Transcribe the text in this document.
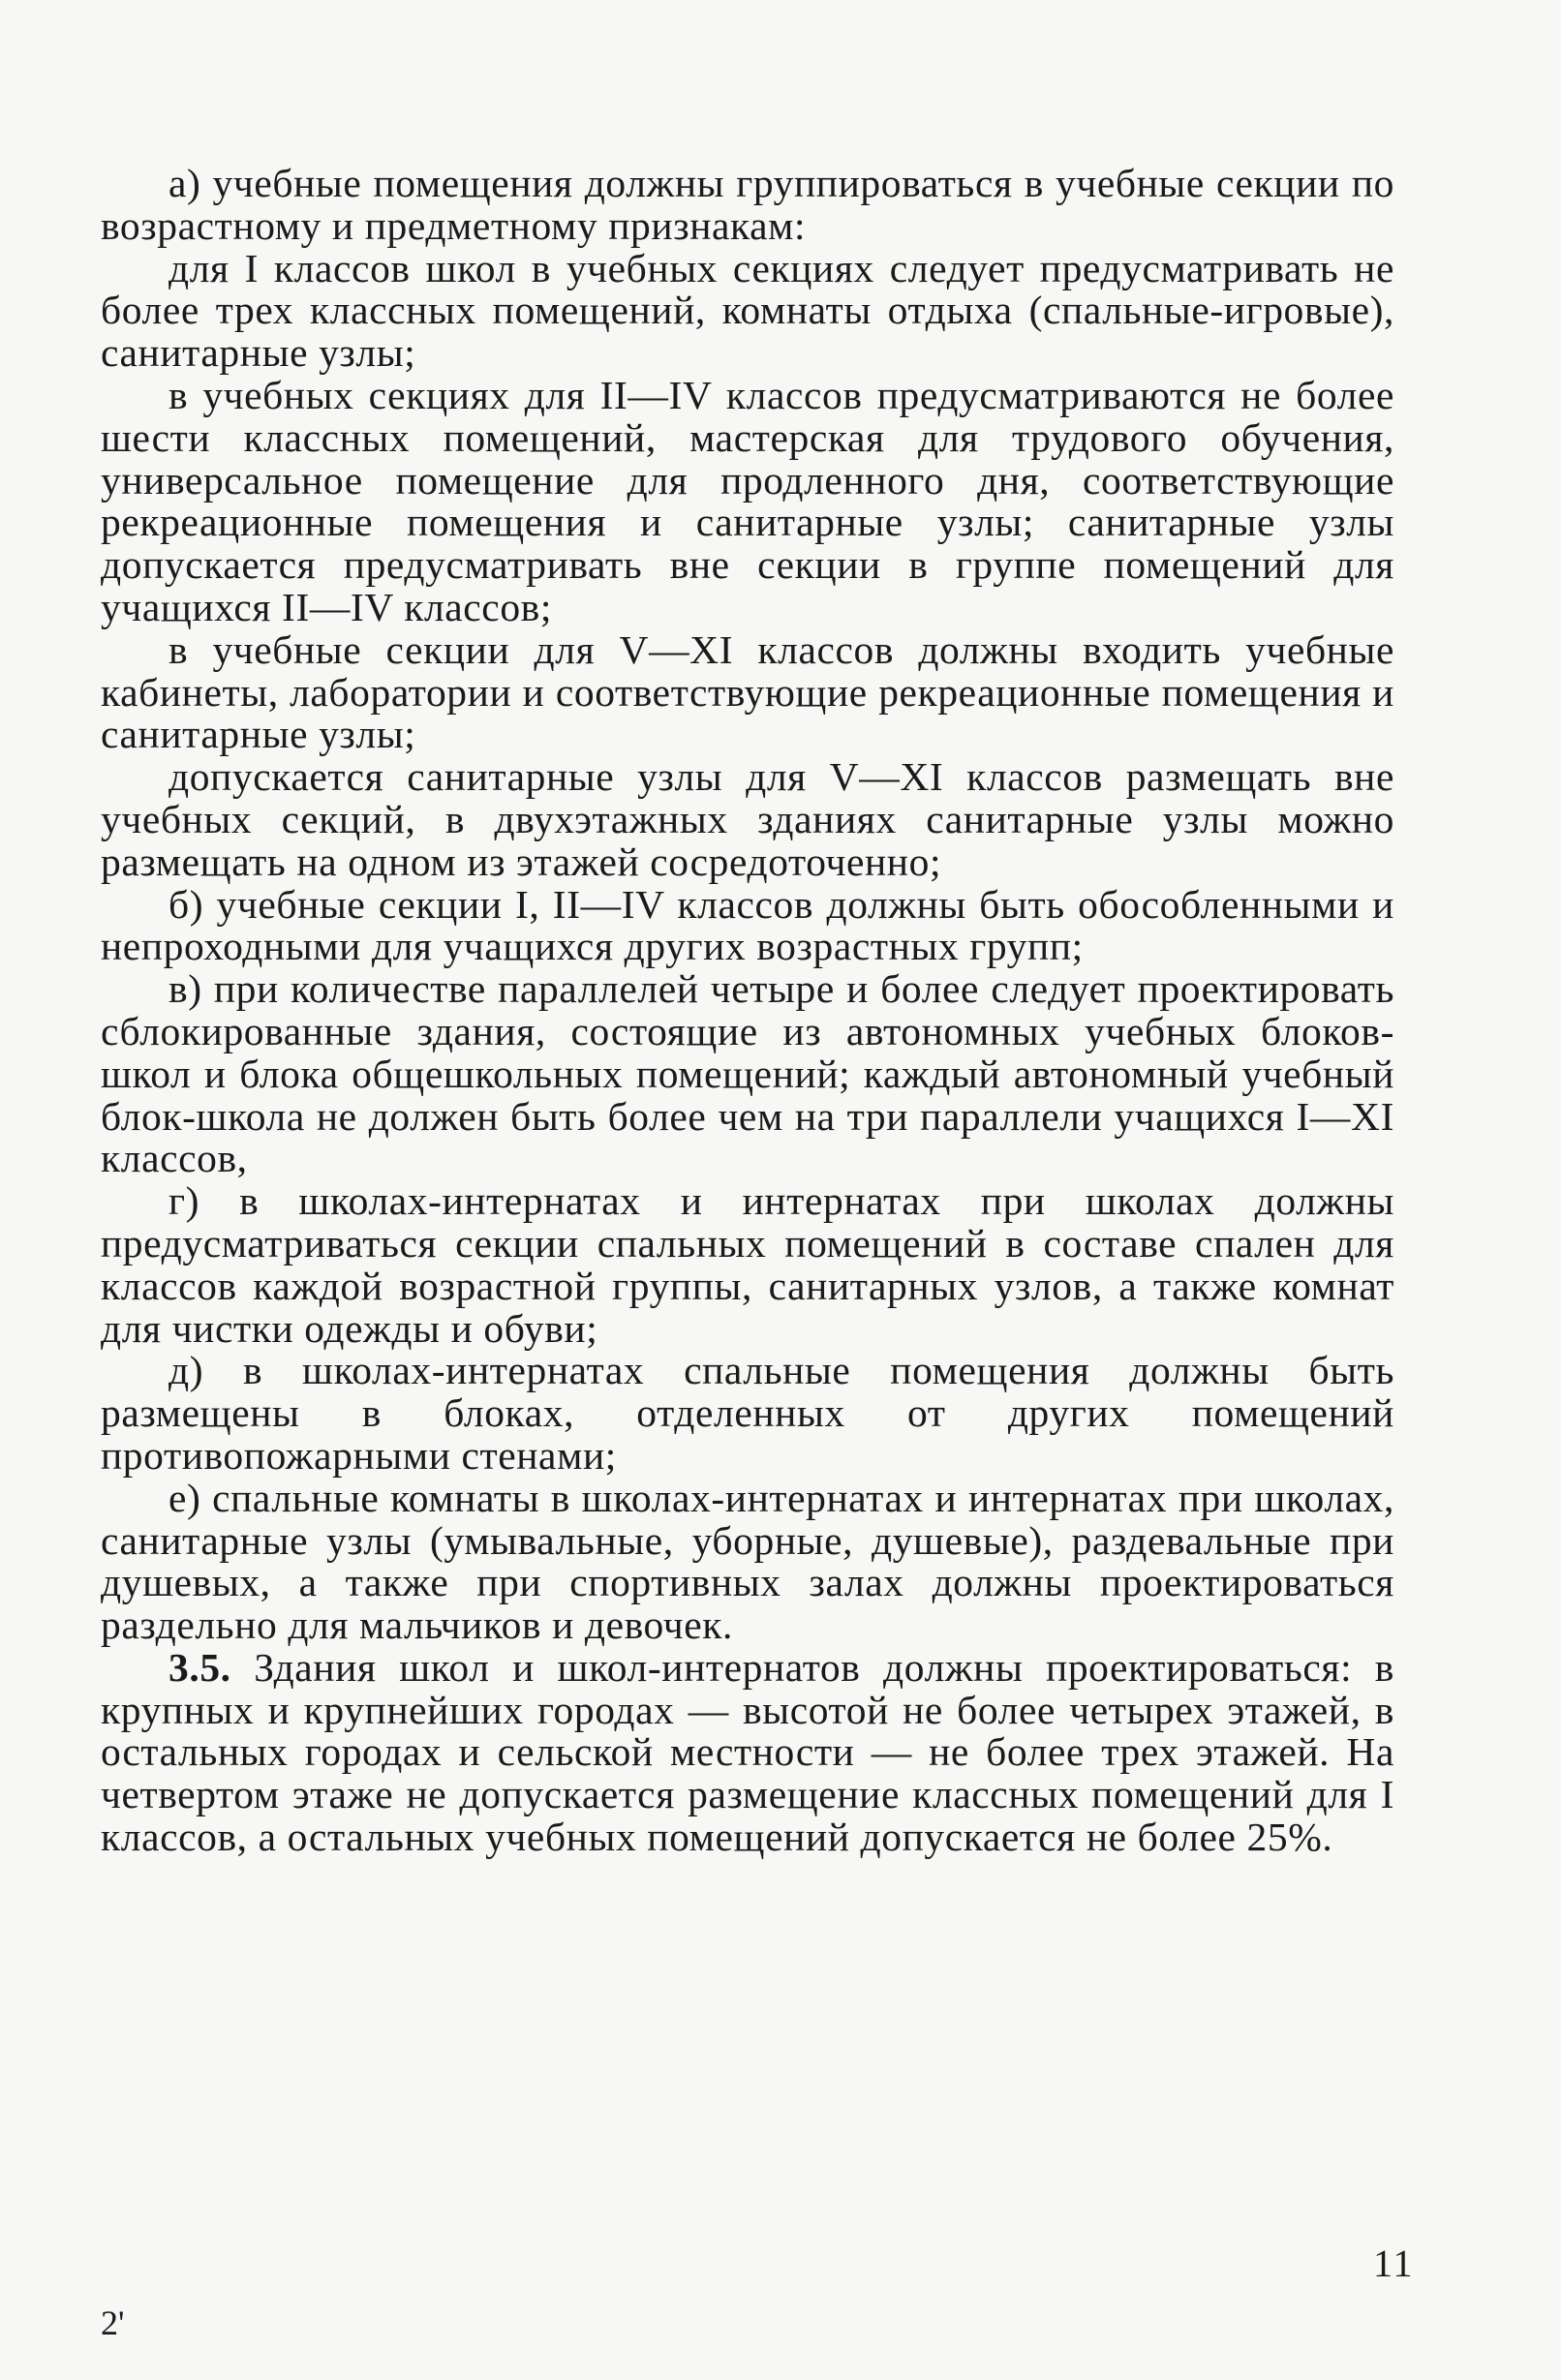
а) учебные помещения должны группироваться в учебные секции по возрастному и предметному признакам:

для I классов школ в учебных секциях следует предусматривать не более трех классных помещений, комнаты отдыха (спальные-игровые), санитарные узлы;

в учебных секциях для II—IV классов предусматриваются не более шести классных помещений, мастерская для трудового обучения, универсальное помещение для продленного дня, соответствующие рекреационные помещения и санитарные узлы; санитарные узлы допускается предусматривать вне секции в группе помещений для учащихся II—IV классов;

в учебные секции для V—XI классов должны входить учебные кабинеты, лаборатории и соответствующие рекреационные помещения и санитарные узлы;

допускается санитарные узлы для V—XI классов размещать вне учебных секций, в двухэтажных зданиях санитарные узлы можно размещать на одном из этажей сосредоточенно;

б) учебные секции I, II—IV классов должны быть обособленными и непроходными для учащихся других возрастных групп;

в) при количестве параллелей четыре и более следует проектировать сблокированные здания, состоящие из автономных учебных блоков-школ и блока общешкольных помещений; каждый автономный учебный блок-школа не должен быть более чем на три параллели учащихся I—XI классов,

г) в школах-интернатах и интернатах при школах должны предусматриваться секции спальных помещений в составе спален для классов каждой возрастной группы, санитарных узлов, а также комнат для чистки одежды и обуви;

д) в школах-интернатах спальные помещения должны быть размещены в блоках, отделенных от других помещений противопожарными стенами;

е) спальные комнаты в школах-интернатах и интернатах при школах, санитарные узлы (умывальные, уборные, душевые), раздевальные при душевых, а также при спортивных залах должны проектироваться раздельно для мальчиков и девочек.

3.5. Здания школ и школ-интернатов должны проектироваться: в крупных и крупнейших городах — высотой не более четырех этажей, в остальных городах и сельской местности — не более трех этажей. На четвертом этаже не допускается размещение классных помещений для I классов, а остальных учебных помещений допускается не более 25%.

11
2'
